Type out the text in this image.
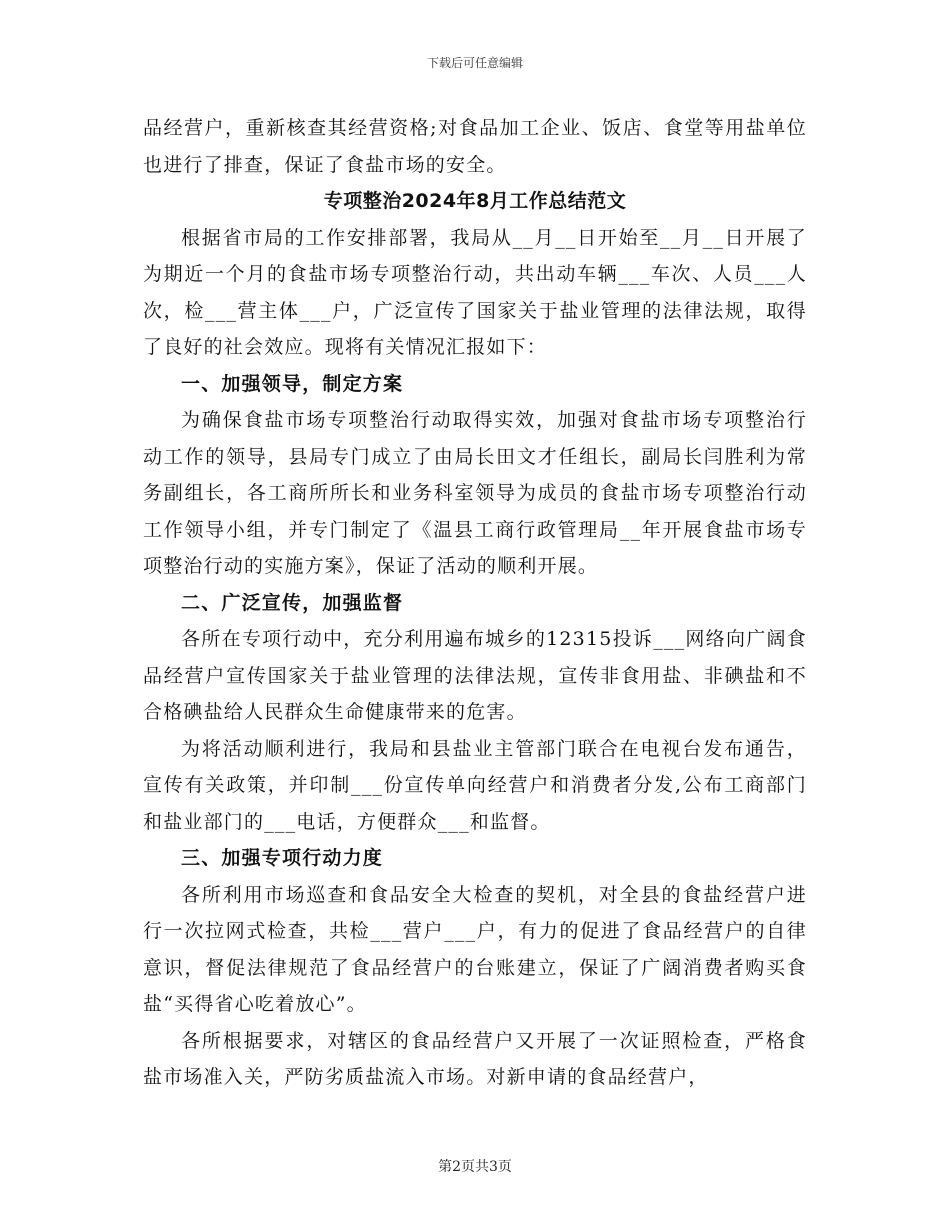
下载后可任意编辑

品经营户，重新核查其经营资格;对食品加工企业、饭店、食堂等用盐单位也进行了排查，保证了食盐市场的安全。

专项整治2024年8月工作总结范文

根据省市局的工作安排部署，我局从__月__日开始至__月__日开展了为期近一个月的食盐市场专项整治行动，共出动车辆___车次、人员___人次，检___营主体___户，广泛宣传了国家关于盐业管理的法律法规，取得了良好的社会效应。现将有关情况汇报如下：

一、加强领导，制定方案

为确保食盐市场专项整治行动取得实效，加强对食盐市场专项整治行动工作的领导，县局专门成立了由局长田文才任组长，副局长闫胜利为常务副组长，各工商所所长和业务科室领导为成员的食盐市场专项整治行动工作领导小组，并专门制定了《温县工商行政管理局__年开展食盐市场专项整治行动的实施方案》，保证了活动的顺利开展。

二、广泛宣传，加强监督

各所在专项行动中，充分利用遍布城乡的12315投诉___网络向广阔食品经营户宣传国家关于盐业管理的法律法规，宣传非食用盐、非碘盐和不合格碘盐给人民群众生命健康带来的危害。

为将活动顺利进行，我局和县盐业主管部门联合在电视台发布通告，宣传有关政策，并印制___份宣传单向经营户和消费者分发,公布工商部门和盐业部门的___电话，方便群众___和监督。

三、加强专项行动力度

各所利用市场巡查和食品安全大检查的契机，对全县的食盐经营户进行一次拉网式检查，共检___营户___户，有力的促进了食品经营户的自律意识，督促法律规范了食品经营户的台账建立，保证了广阔消费者购买食盐“买得省心吃着放心”。

各所根据要求，对辖区的食品经营户又开展了一次证照检查，严格食盐市场准入关，严防劣质盐流入市场。对新申请的食品经营户，

第2页共3页
